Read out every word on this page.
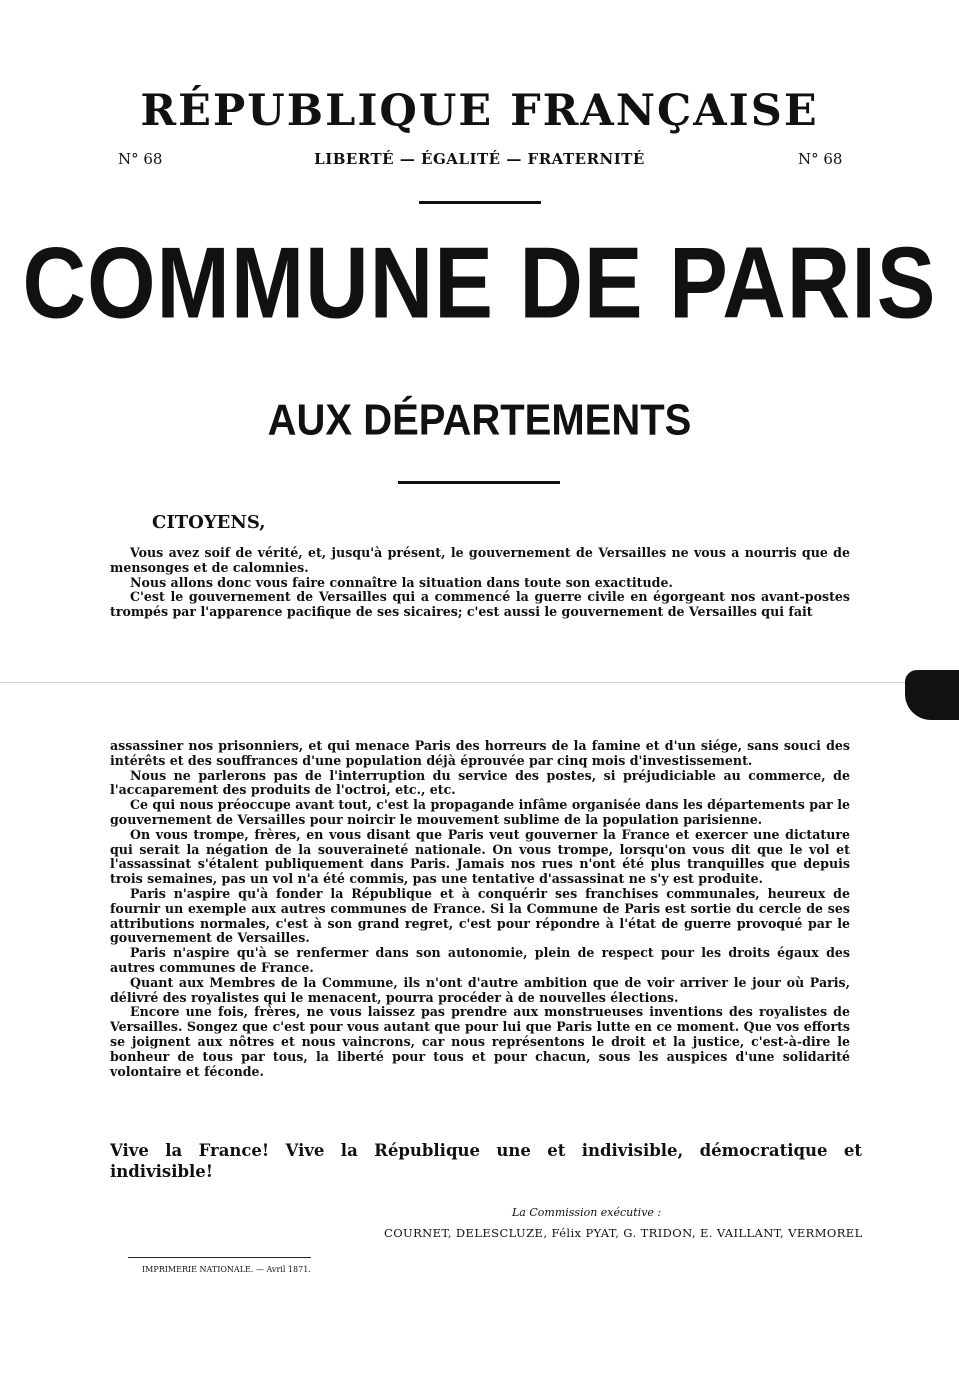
RÉPUBLIQUE FRANÇAISE
N° 68	LIBERTÉ — ÉGALITÉ — FRATERNITÉ	N° 68
COMMUNE DE PARIS
AUX DÉPARTEMENTS
CITOYENS,
Vous avez soif de vérité, et, jusqu'à présent, le gouvernement de Versailles ne vous a nourris que de mensonges et de calomnies.
Nous allons donc vous faire connaître la situation dans toute son exactitude.
C'est le gouvernement de Versailles qui a commencé la guerre civile en égorgeant nos avant-postes trompés par l'apparence pacifique de ses sicaires; c'est aussi le gouvernement de Versailles qui fait
assassiner nos prisonniers, et qui menace Paris des horreurs de la famine et d'un siége, sans souci des intérêts et des souffrances d'une population déjà éprouvée par cinq mois d'investissement.
Nous ne parlerons pas de l'interruption du service des postes, si préjudiciable au commerce, de l'accaparement des produits de l'octroi, etc., etc.
Ce qui nous préoccupe avant tout, c'est la propagande infâme organisée dans les départements par le gouvernement de Versailles pour noircir le mouvement sublime de la population parisienne.
On vous trompe, frères, en vous disant que Paris veut gouverner la France et exercer une dictature qui serait la négation de la souveraineté nationale. On vous trompe, lorsqu'on vous dit que le vol et l'assassinat s'étalent publiquement dans Paris. Jamais nos rues n'ont été plus tranquilles que depuis trois semaines, pas un vol n'a été commis, pas une tentative d'assassinat ne s'y est produite.
Paris n'aspire qu'à fonder la République et à conquérir ses franchises communales, heureux de fournir un exemple aux autres communes de France. Si la Commune de Paris est sortie du cercle de ses attributions normales, c'est à son grand regret, c'est pour répondre à l'état de guerre provoqué par le gouvernement de Versailles.
Paris n'aspire qu'à se renfermer dans son autonomie, plein de respect pour les droits égaux des autres communes de France.
Quant aux Membres de la Commune, ils n'ont d'autre ambition que de voir arriver le jour où Paris, délivré des royalistes qui le menacent, pourra procéder à de nouvelles élections.
Encore une fois, frères, ne vous laissez pas prendre aux monstrueuses inventions des royalistes de Versailles. Songez que c'est pour vous autant que pour lui que Paris lutte en ce moment. Que vos efforts se joignent aux nôtres et nous vaincrons, car nous représentons le droit et la justice, c'est-à-dire le bonheur de tous par tous, la liberté pour tous et pour chacun, sous les auspices d'une solidarité volontaire et féconde.
Vive la France! Vive la République une et indivisible, démocratique et indivisible!
La Commission exécutive :
COURNET, DELESCLUZE, Félix PYAT, G. TRIDON, E. VAILLANT, VERMOREL
IMPRIMERIE NATIONALE. — Avril 1871.
